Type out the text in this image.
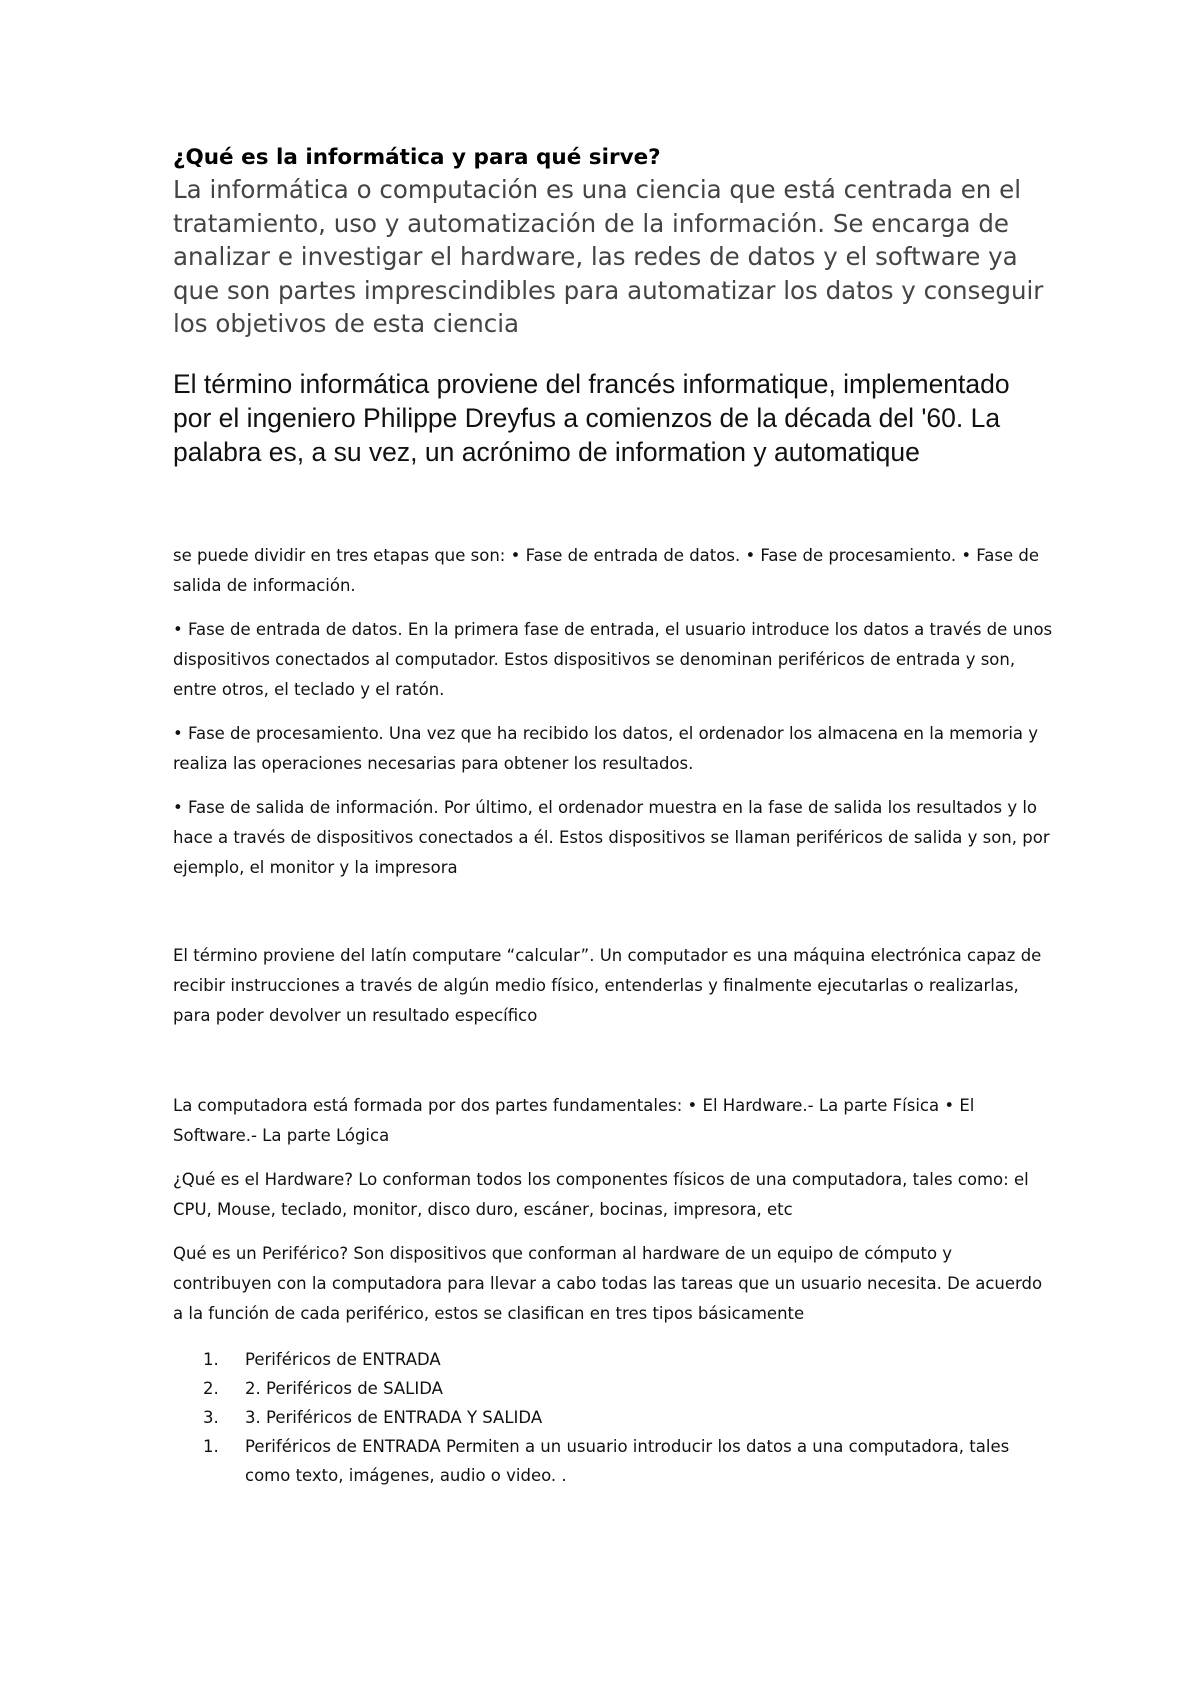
¿Qué es la informática y para qué sirve?

La informática o computación es una ciencia que está centrada en el tratamiento, uso y automatización de la información. Se encarga de analizar e investigar el hardware, las redes de datos y el software ya que son partes imprescindibles para automatizar los datos y conseguir los objetivos de esta ciencia

El término informática proviene del francés informatique, implementado por el ingeniero Philippe Dreyfus a comienzos de la década del '60. La palabra es, a su vez, un acrónimo de information y automatique

se puede dividir en tres etapas que son: • Fase de entrada de datos. • Fase de procesamiento. • Fase de salida de información.

• Fase de entrada de datos. En la primera fase de entrada, el usuario introduce los datos a través de unos dispositivos conectados al computador. Estos dispositivos se denominan periféricos de entrada y son, entre otros, el teclado y el ratón.

• Fase de procesamiento. Una vez que ha recibido los datos, el ordenador los almacena en la memoria y realiza las operaciones necesarias para obtener los resultados.

• Fase de salida de información. Por último, el ordenador muestra en la fase de salida los resultados y lo hace a través de dispositivos conectados a él. Estos dispositivos se llaman periféricos de salida y son, por ejemplo, el monitor y la impresora

El término proviene del latín computare “calcular”. Un computador es una máquina electrónica capaz de recibir instrucciones a través de algún medio físico, entenderlas y finalmente ejecutarlas o realizarlas, para poder devolver un resultado específico

La computadora está formada por dos partes fundamentales: • El Hardware.- La parte Física • El Software.- La parte Lógica

¿Qué es el Hardware? Lo conforman todos los componentes físicos de una computadora, tales como: el CPU, Mouse, teclado, monitor, disco duro, escáner, bocinas, impresora, etc

Qué es un Periférico? Son dispositivos que conforman al hardware de un equipo de cómputo y contribuyen con la computadora para llevar a cabo todas las tareas que un usuario necesita. De acuerdo a la función de cada periférico, estos se clasifican en tres tipos básicamente

1. Periféricos de ENTRADA
2. 2. Periféricos de SALIDA
3. 3. Periféricos de ENTRADA Y SALIDA
1. Periféricos de ENTRADA Permiten a un usuario introducir los datos a una computadora, tales como texto, imágenes, audio o video. .
